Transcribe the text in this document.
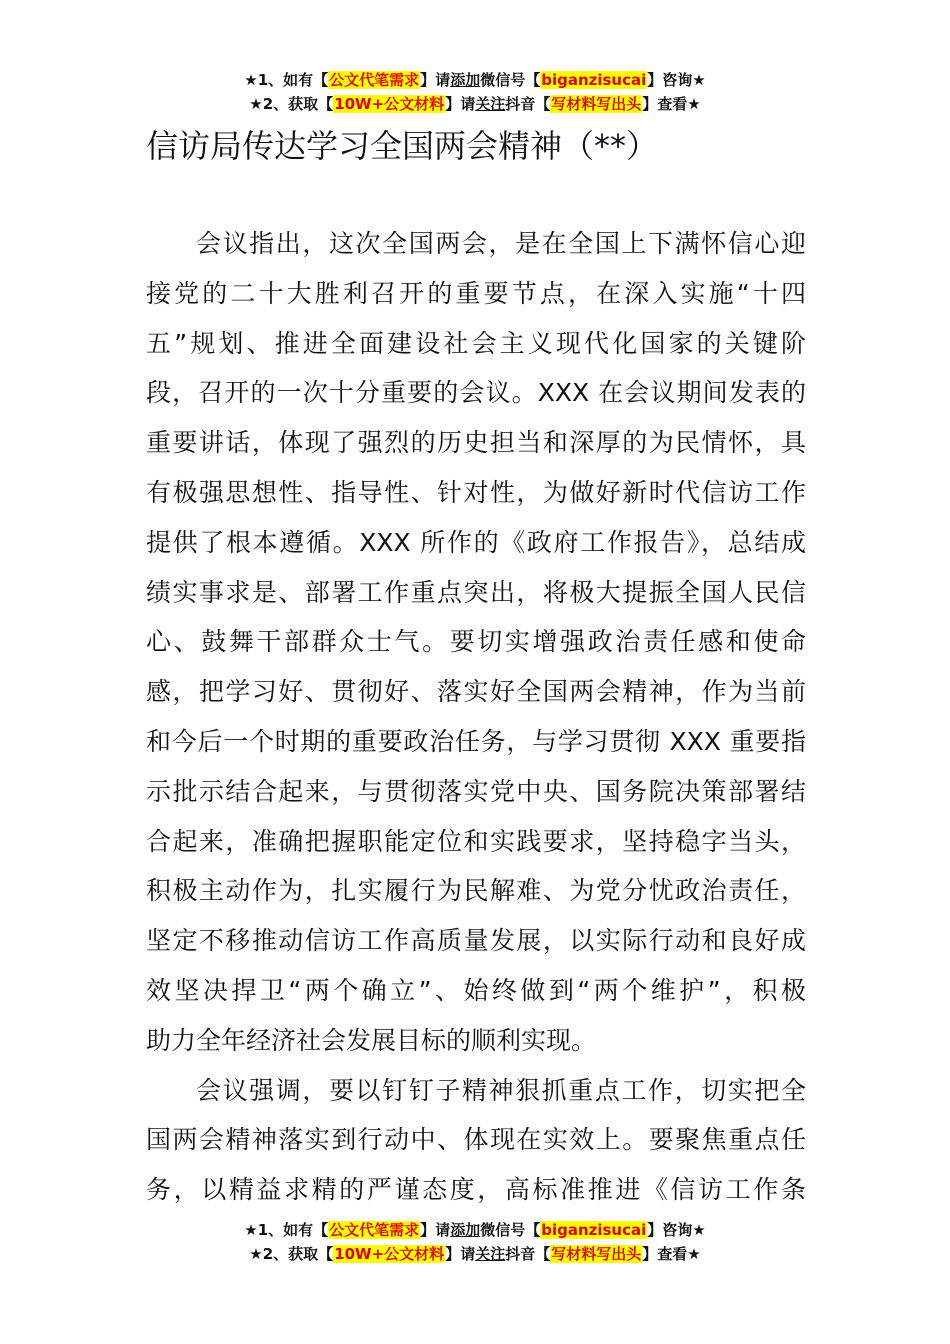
★1、如有【公文代笔需求】请添加微信号【biganzisucai】咨询★
★2、获取【10W+公文材料】请关注抖音【写材料写出头】查看★
信访局传达学习全国两会精神（**）
会议指出，这次全国两会，是在全国上下满怀信心迎
接党的二十大胜利召开的重要节点，在深入实施“十四
五”规划、推进全面建设社会主义现代化国家的关键阶
段，召开的一次十分重要的会议。XXX 在会议期间发表的
重要讲话，体现了强烈的历史担当和深厚的为民情怀，具
有极强思想性、指导性、针对性，为做好新时代信访工作
提供了根本遵循。XXX 所作的《政府工作报告》，总结成
绩实事求是、部署工作重点突出，将极大提振全国人民信
心、鼓舞干部群众士气。要切实增强政治责任感和使命
感，把学习好、贯彻好、落实好全国两会精神，作为当前
和今后一个时期的重要政治任务，与学习贯彻 XXX 重要指
示批示结合起来，与贯彻落实党中央、国务院决策部署结
合起来，准确把握职能定位和实践要求，坚持稳字当头，
积极主动作为，扎实履行为民解难、为党分忧政治责任，
坚定不移推动信访工作高质量发展，以实际行动和良好成
效坚决捍卫“两个确立”、始终做到“两个维护”，积极
助力全年经济社会发展目标的顺利实现。
会议强调，要以钉钉子精神狠抓重点工作，切实把全
国两会精神落实到行动中、体现在实效上。要聚焦重点任
务，以精益求精的严谨态度，高标准推进《信访工作条
★1、如有【公文代笔需求】请添加微信号【biganzisucai】咨询★
★2、获取【10W+公文材料】请关注抖音【写材料写出头】查看★
